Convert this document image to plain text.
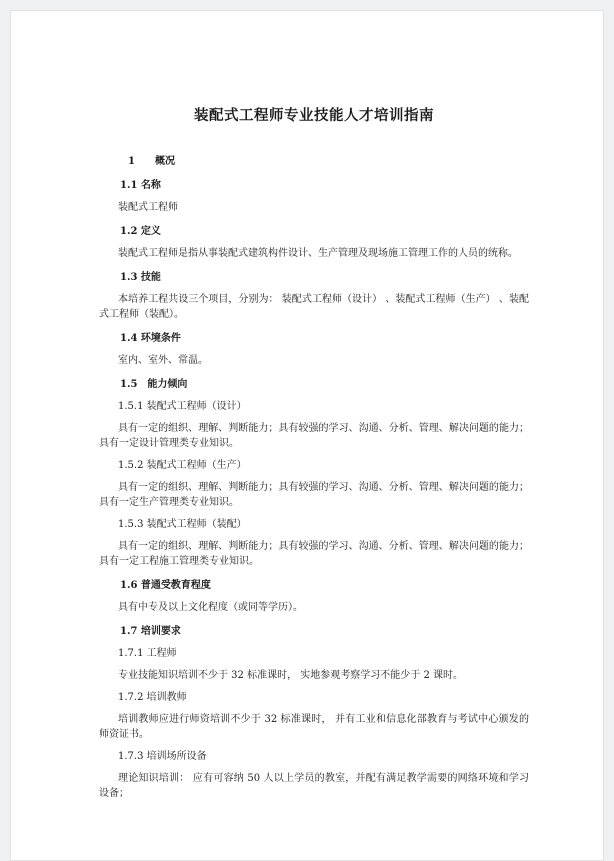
装配式工程师专业技能人才培训指南
1 概况
1.1 名称
装配式工程师
1.2 定义
装配式工程师是指从事装配式建筑构件设计、生产管理及现场施工管理工作的人员的统称。
1.3 技能
本培养工程共设三个项目，分别为： 装配式工程师（设计） 、装配式工程师（生产） 、装配式工程师（装配）。
1.4 环境条件
室内、室外、常温。
1.5　能力倾向
1.5.1 装配式工程师（设计）
具有一定的组织、理解、判断能力；具有较强的学习、沟通、分析、管理、解决问题的能力； 具有一定设计管理类专业知识。
1.5.2 装配式工程师（生产）
具有一定的组织、理解、判断能力；具有较强的学习、沟通、分析、管理、解决问题的能力； 具有一定生产管理类专业知识。
1.5.3 装配式工程师（装配）
具有一定的组织、理解、判断能力；具有较强的学习、沟通、分析、管理、解决问题的能力；具有一定工程施工管理类专业知识。
1.6 普通受教育程度
具有中专及以上文化程度（或同等学历）。
1.7 培训要求
1.7.1 工程师
专业技能知识培训不少于 32 标准课时， 实地参观考察学习不能少于 2 课时。
1.7.2 培训教师
培训教师应进行师资培训不少于 32 标准课时， 并有工业和信息化部教育与考试中心颁发的师资证书。
1.7.3 培训场所设备
理论知识培训： 应有可容纳 50 人以上学员的教室，并配有满足教学需要的网络环境和学习设备；
